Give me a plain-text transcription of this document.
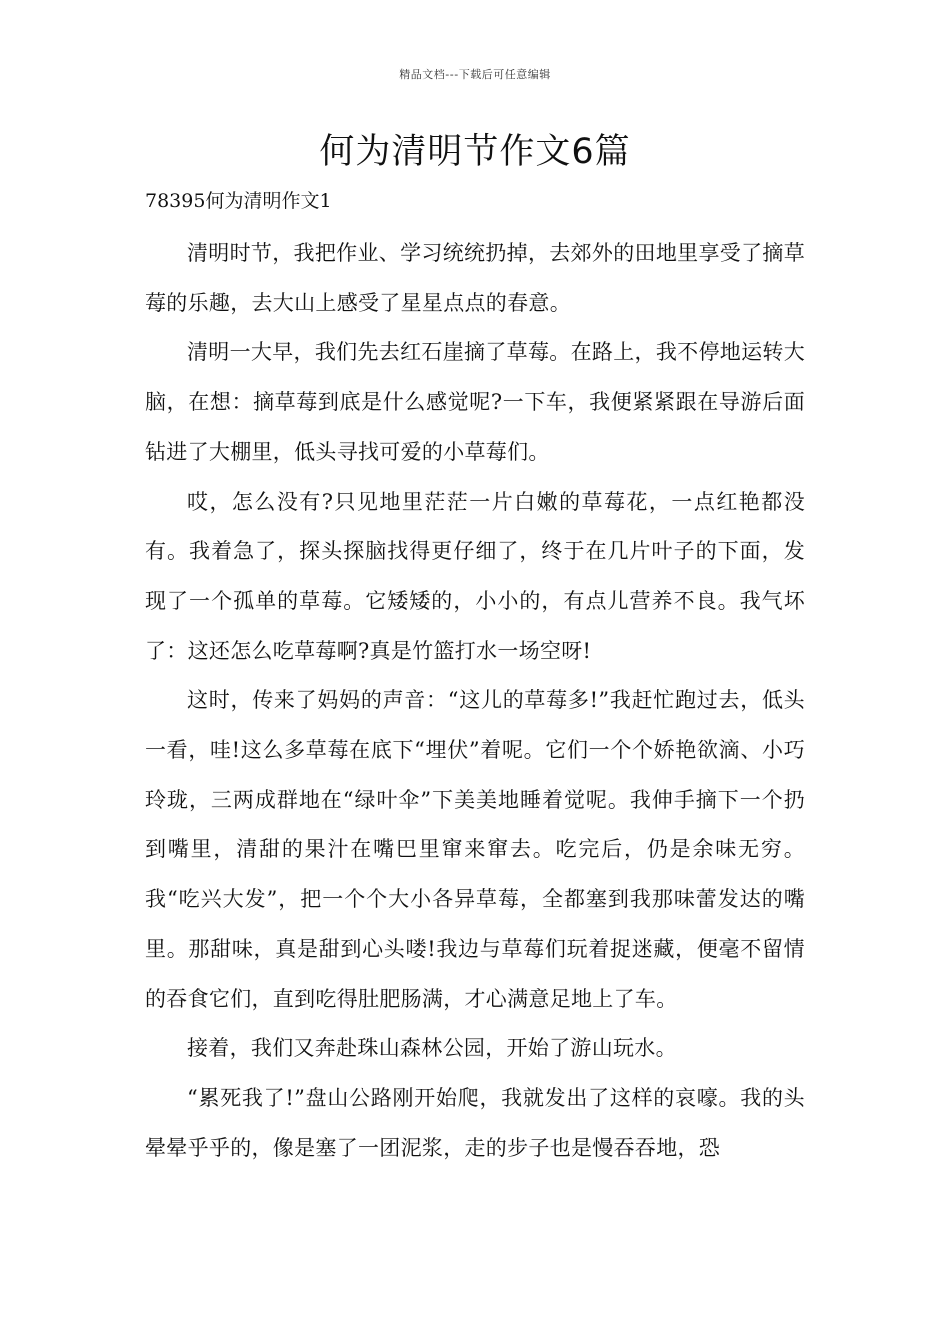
精品文档---下载后可任意编辑
何为清明节作文6篇
78395何为清明作文1

清明时节，我把作业、学习统统扔掉，去郊外的田地里享受了摘草莓的乐趣，去大山上感受了星星点点的春意。

清明一大早，我们先去红石崖摘了草莓。在路上，我不停地运转大脑，在想：摘草莓到底是什么感觉呢?一下车，我便紧紧跟在导游后面钻进了大棚里，低头寻找可爱的小草莓们。

哎，怎么没有?只见地里茫茫一片白嫩的草莓花，一点红艳都没有。我着急了，探头探脑找得更仔细了，终于在几片叶子的下面，发现了一个孤单的草莓。它矮矮的，小小的，有点儿营养不良。我气坏了：这还怎么吃草莓啊?真是竹篮打水一场空呀!

这时，传来了妈妈的声音：“这儿的草莓多!”我赶忙跑过去，低头一看，哇!这么多草莓在底下“埋伏”着呢。它们一个个娇艳欲滴、小巧玲珑，三两成群地在“绿叶伞”下美美地睡着觉呢。我伸手摘下一个扔到嘴里，清甜的果汁在嘴巴里窜来窜去。吃完后，仍是余味无穷。我“吃兴大发”，把一个个大小各异草莓，全都塞到我那味蕾发达的嘴里。那甜味，真是甜到心头喽!我边与草莓们玩着捉迷藏，便毫不留情的吞食它们，直到吃得肚肥肠满，才心满意足地上了车。

接着，我们又奔赴珠山森林公园，开始了游山玩水。

“累死我了!”盘山公路刚开始爬，我就发出了这样的哀嚎。我的头晕晕乎乎的，像是塞了一团泥浆，走的步子也是慢吞吞地，恐
